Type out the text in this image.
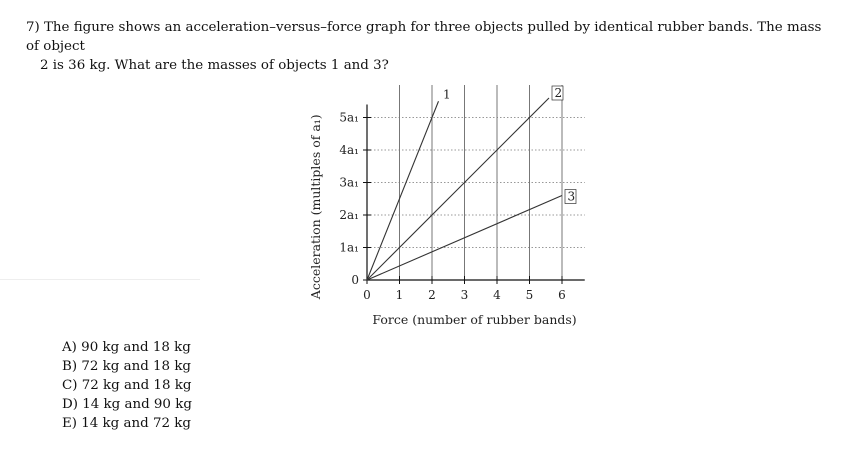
7) The figure shows an acceleration–versus–force graph for three objects pulled by identical rubber bands. The mass of object
2 is 36 kg. What are the masses of objects 1 and 3?
0 1 2 3 4 5 6
0
1a₁
2a₁
3a₁
4a₁
5a₁
1	2
3
Force (number of rubber bands)
Acceleration (multiples of a₁)
A) 90 kg and 18 kg
B) 72 kg and 18 kg
C) 72 kg and 18 kg
D) 14 kg and 90 kg
E) 14 kg and 72 kg
